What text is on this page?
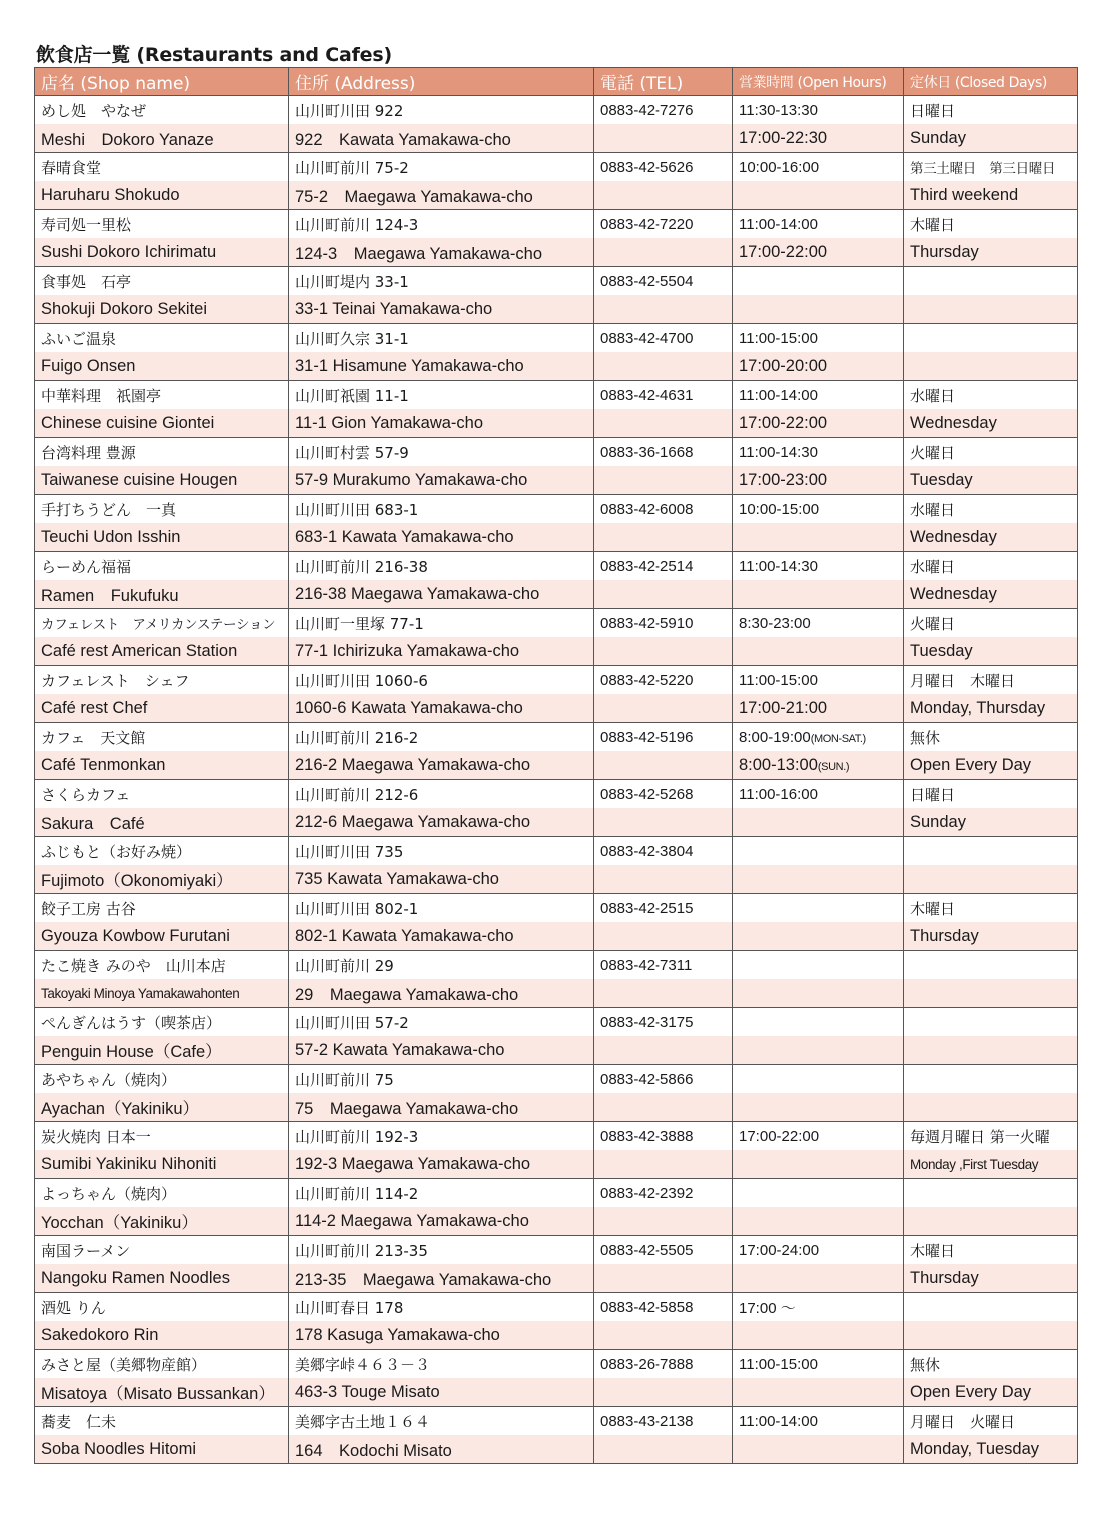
飲食店一覧 (Restaurants and Cafes)
店名 (Shop name)	住所 (Address)	電話 (TEL)	営業時間 (Open Hours)	定休日 (Closed Days)
めし処　やなぜ	山川町川田 922	0883-42-7276	11:30-13:30	日曜日
Meshi　Dokoro Yanaze	922　Kawata Yamakawa-cho		17:00-22:30	Sunday
春晴食堂	山川町前川 75-2	0883-42-5626	10:00-16:00	第三土曜日　第三日曜日
Haruharu Shokudo	75-2　Maegawa Yamakawa-cho			Third weekend
寿司処一里松	山川町前川 124-3	0883-42-7220	11:00-14:00	木曜日
Sushi Dokoro Ichirimatu	124-3　Maegawa Yamakawa-cho		17:00-22:00	Thursday
食事処　石亭	山川町堤内 33-1	0883-42-5504		
Shokuji Dokoro Sekitei	33-1 Teinai Yamakawa-cho			
ふいご温泉	山川町久宗 31-1	0883-42-4700	11:00-15:00	
Fuigo Onsen	31-1 Hisamune Yamakawa-cho		17:00-20:00	
中華料理　祇園亭	山川町祇園 11-1	0883-42-4631	11:00-14:00	水曜日
Chinese cuisine Giontei	11-1 Gion Yamakawa-cho		17:00-22:00	Wednesday
台湾料理 豊源	山川町村雲 57-9	0883-36-1668	11:00-14:30	火曜日
Taiwanese cuisine Hougen	57-9 Murakumo Yamakawa-cho		17:00-23:00	Tuesday
手打ちうどん　一真	山川町川田 683-1	0883-42-6008	10:00-15:00	水曜日
Teuchi Udon Isshin	683-1 Kawata Yamakawa-cho			Wednesday
らーめん福福	山川町前川 216-38	0883-42-2514	11:00-14:30	水曜日
Ramen　Fukufuku	216-38 Maegawa Yamakawa-cho			Wednesday
カフェレスト　アメリカンステーション	山川町一里塚 77-1	0883-42-5910	8:30-23:00	火曜日
Café rest American Station	77-1 Ichirizuka Yamakawa-cho			Tuesday
カフェレスト　シェフ	山川町川田 1060-6	0883-42-5220	11:00-15:00	月曜日　木曜日
Café rest Chef	1060-6 Kawata Yamakawa-cho		17:00-21:00	Monday, Thursday
カフェ　天文館	山川町前川 216-2	0883-42-5196	8:00-19:00(MON-SAT.)	無休
Café Tenmonkan	216-2 Maegawa Yamakawa-cho		8:00-13:00(SUN.)	Open Every Day
さくらカフェ	山川町前川 212-6	0883-42-5268	11:00-16:00	日曜日
Sakura　Café	212-6 Maegawa Yamakawa-cho			Sunday
ふじもと（お好み焼）	山川町川田 735	0883-42-3804		
Fujimoto（Okonomiyaki）	735 Kawata Yamakawa-cho			
餃子工房 古谷	山川町川田 802-1	0883-42-2515		木曜日
Gyouza Kowbow Furutani	802-1 Kawata Yamakawa-cho			Thursday
たこ焼き みのや　山川本店	山川町前川 29	0883-42-7311		
Takoyaki Minoya Yamakawahonten	29　Maegawa Yamakawa-cho			
ぺんぎんはうす（喫茶店）	山川町川田 57-2	0883-42-3175		
Penguin House（Cafe）	57-2 Kawata Yamakawa-cho			
あやちゃん（焼肉）	山川町前川 75	0883-42-5866		
Ayachan（Yakiniku）	75　Maegawa Yamakawa-cho			
炭火焼肉 日本一	山川町前川 192-3	0883-42-3888	17:00-22:00	毎週月曜日 第一火曜
Sumibi Yakiniku Nihoniti	192-3 Maegawa Yamakawa-cho			Monday ,First Tuesday
よっちゃん（焼肉）	山川町前川 114-2	0883-42-2392		
Yocchan（Yakiniku）	114-2 Maegawa Yamakawa-cho			
南国ラーメン	山川町前川 213-35	0883-42-5505	17:00-24:00	木曜日
Nangoku Ramen Noodles	213-35　Maegawa Yamakawa-cho			Thursday
酒処 りん	山川町春日 178	0883-42-5858	17:00 ～	
Sakedokoro Rin	178 Kasuga Yamakawa-cho			
みさと屋（美郷物産館）	美郷字峠４６３－３	0883-26-7888	11:00-15:00	無休
Misatoya（Misato Bussankan）	463-3 Touge Misato			Open Every Day
蕎麦　仁未	美郷字古土地１６４	0883-43-2138	11:00-14:00	月曜日　火曜日
Soba Noodles Hitomi	164　Kodochi Misato			Monday, Tuesday
